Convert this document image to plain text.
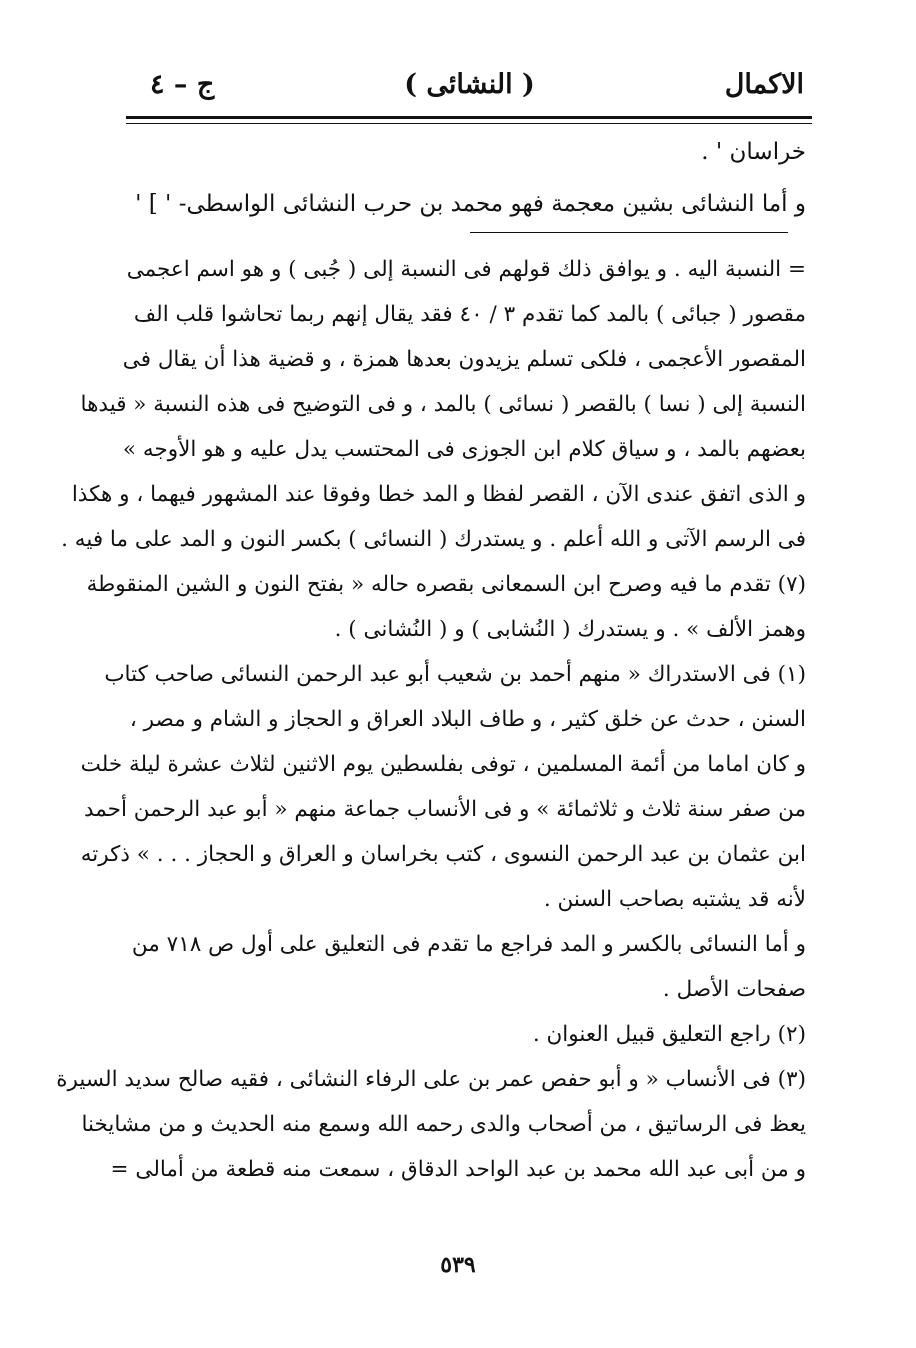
الاكمال
( النشائى )
ج – ٤
خراسان ' .
و أما النشائى بشين معجمة فهو محمد بن حرب النشائى الواسطى- ' ] '
= النسبة اليه . و يوافق ذلك قولهم فى النسبة إلى ( جُبى ) و هو اسم اعجمى
مقصور ( جبائى ) بالمد كما تقدم ٣ / ٤٠ فقد يقال إنهم ربما تحاشوا قلب الف
المقصور الأعجمى ، فلكى تسلم يزيدون بعدها همزة ، و قضية هذا أن يقال فى
النسبة إلى ( نسا ) بالقصر ( نسائى ) بالمد ، و فى التوضيح فى هذه النسبة « قيدها
بعضهم بالمد ، و سياق كلام ابن الجوزى فى المحتسب يدل عليه و هو الأوجه »
و الذى اتفق عندى الآن ، القصر لفظا و المد خطا وفوقا عند المشهور فيهما ، و هكذا
فى الرسم الآتى و الله أعلم . و يستدرك ( النسائى ) بكسر النون و المد على ما فيه .
(٧) تقدم ما فيه وصرح ابن السمعانى بقصره حاله « بفتح النون و الشين المنقوطة
وهمز الألف » . و يستدرك ( النُشابى ) و ( النُشانى ) .
(١) فى الاستدراك « منهم أحمد بن شعيب أبو عبد الرحمن النسائى صاحب كتاب
السنن ، حدث عن خلق كثير ، و طاف البلاد العراق و الحجاز و الشام و مصر ،
و كان اماما من أئمة المسلمين ، توفى بفلسطين يوم الاثنين لثلاث عشرة ليلة خلت
من صفر سنة ثلاث و ثلاثمائة » و فى الأنساب جماعة منهم « أبو عبد الرحمن أحمد
ابن عثمان بن عبد الرحمن النسوى ، كتب بخراسان و العراق و الحجاز . . . » ذكرته
لأنه قد يشتبه بصاحب السنن .
و أما النسائى بالكسر و المد فراجع ما تقدم فى التعليق على أول ص ٧١٨ من
صفحات الأصل .
(٢) راجع التعليق قبيل العنوان .
(٣) فى الأنساب « و أبو حفص عمر بن على الرفاء النشائى ، فقيه صالح سديد السيرة
يعظ فى الرساتيق ، من أصحاب والدى رحمه الله وسمع منه الحديث و من مشايخنا
و من أبى عبد الله محمد بن عبد الواحد الدقاق ، سمعت منه قطعة من أمالى =
٥٣٩
